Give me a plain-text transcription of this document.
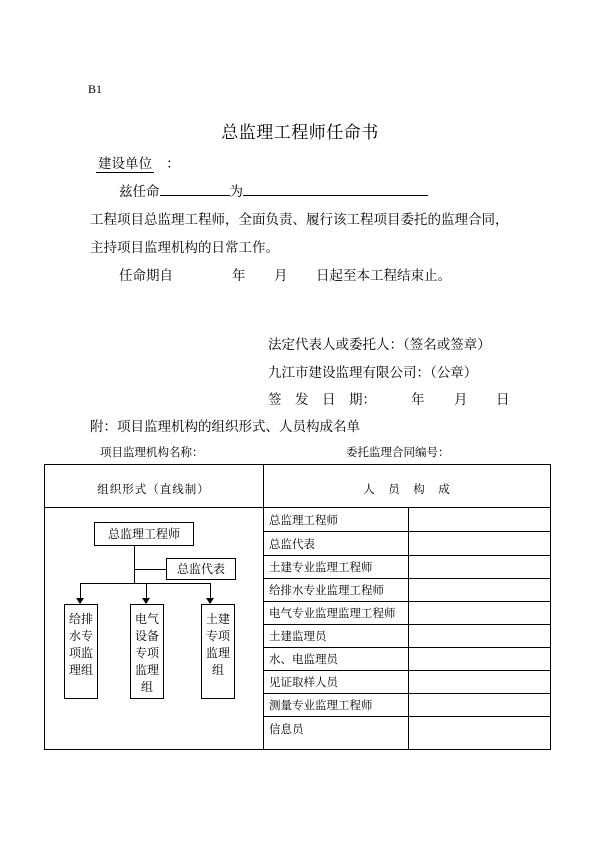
B1
总监理工程师任命书
建设单位 ：
兹任命	为
工程项目总监理工程师，全面负责、履行该工程项目委托的监理合同，
主持项目监理机构的日常工作。
任命期自	年 月 日起至本工程结束止。
法定代表人或委托人：（签名或签章）
九江市建设监理有限公司：（公章）
签　发　日　期：	年 月 日
附：项目监理机构的组织形式、人员构成名单
项目监理机构名称：	委托监理合同编号：
组织形式（直线制）	人　员　构　成
总监理工程师
总监代表
土建专业监理工程师
给排水专业监理工程师
电气专业监理监理工程师
土建监理员
水、电监理员
见证取样人员
测量专业监理工程师
信息员
总监理工程师
总监代表
给排
水专
项监
理组
电气
设备
专项
监理
组
土建
专项
监理
组
